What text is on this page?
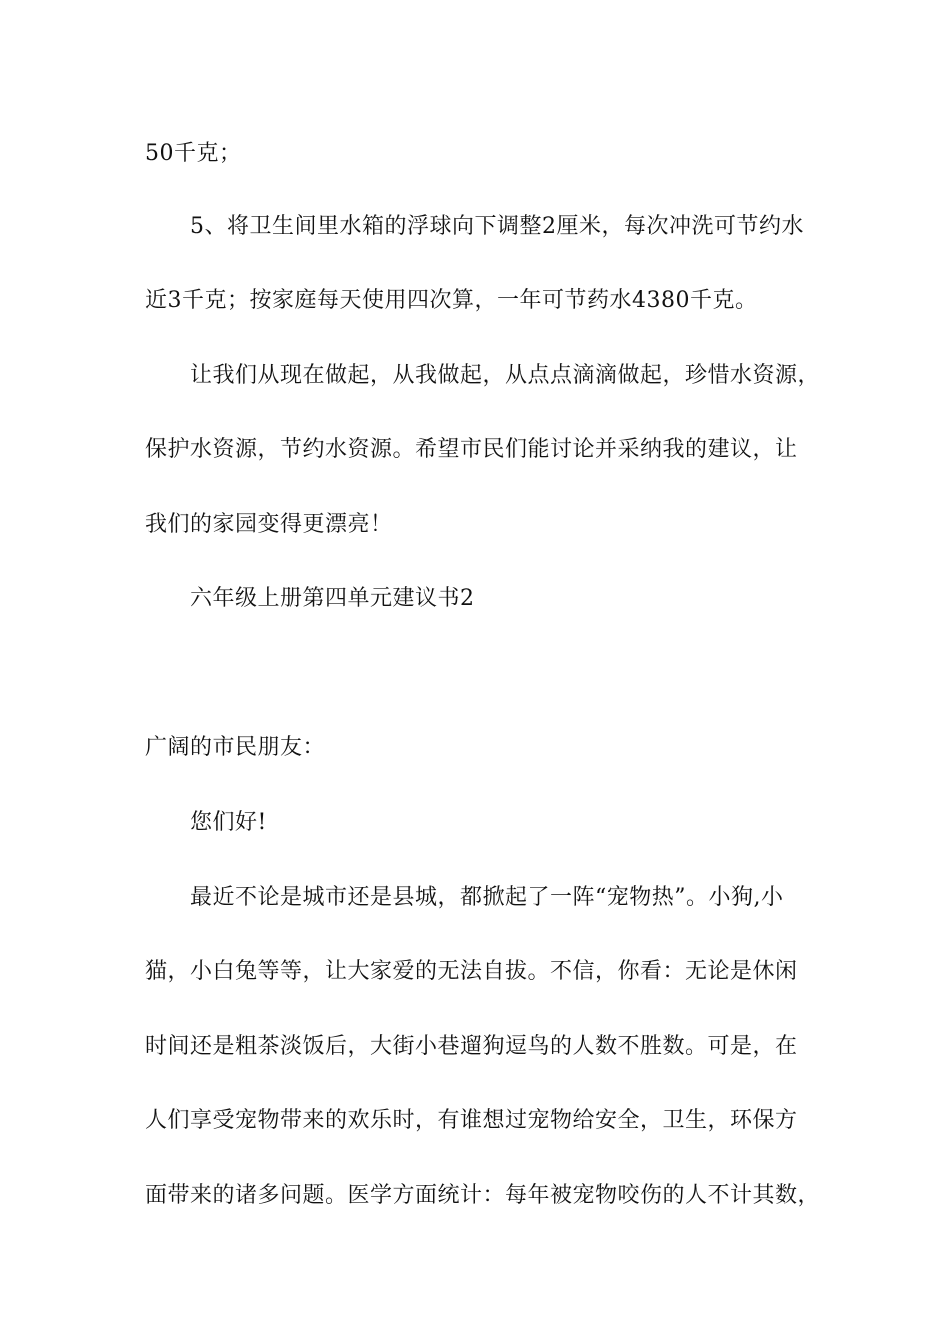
50千克；
5、将卫生间里水箱的浮球向下调整2厘米，每次冲洗可节约水
近3千克；按家庭每天使用四次算，一年可节药水4380千克。
让我们从现在做起，从我做起，从点点滴滴做起，珍惜水资源，
保护水资源，节约水资源。希望市民们能讨论并采纳我的建议，让
我们的家园变得更漂亮！
六年级上册第四单元建议书2
广阔的市民朋友：
您们好!
最近不论是城市还是县城，都掀起了一阵“宠物热”。小狗,小
猫，小白兔等等，让大家爱的无法自拔。不信，你看：无论是休闲
时间还是粗茶淡饭后，大街小巷遛狗逗鸟的人数不胜数。可是，在
人们享受宠物带来的欢乐时，有谁想过宠物给安全，卫生，环保方
面带来的诸多问题。医学方面统计：每年被宠物咬伤的人不计其数，
